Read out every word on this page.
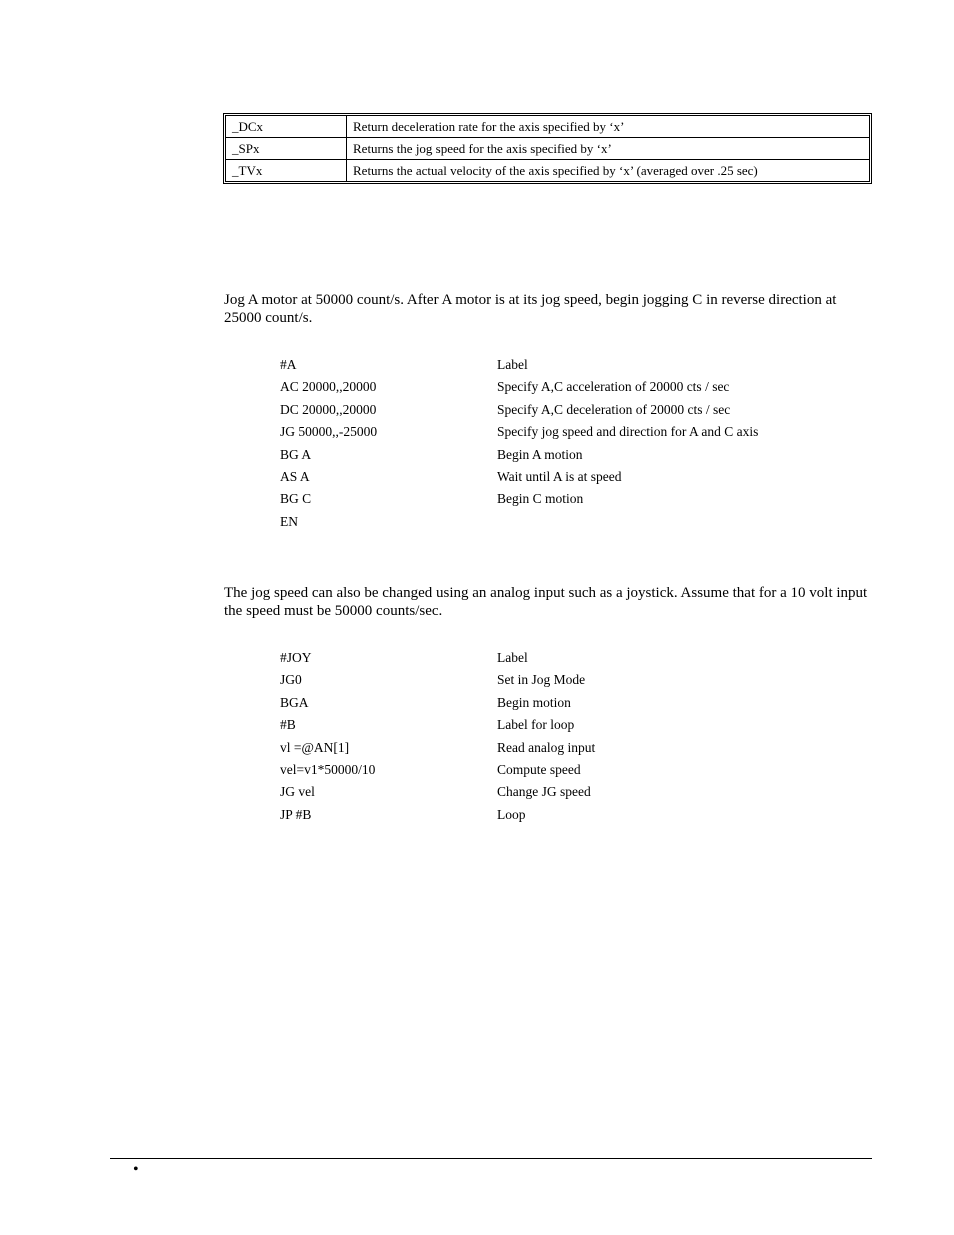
_DCx	Return deceleration rate for the axis specified by ‘x’
_SPx	Returns the jog speed for the axis specified by ‘x’
_TVx	Returns the actual velocity of the axis specified by ‘x’ (averaged over .25 sec)
Jog A motor at 50000 count/s. After A motor is at its jog speed, begin jogging C in reverse direction at 25000 count/s.
#A	Label
AC 20000,,20000	Specify A,C acceleration of 20000 cts / sec
DC 20000,,20000	Specify A,C deceleration of 20000 cts / sec
JG 50000,,-25000	Specify jog speed and direction for A and C axis
BG A	Begin A motion
AS A	Wait until A is at speed
BG C	Begin C motion
EN
The jog speed can also be changed using an analog input such as a joystick. Assume that for a 10 volt input the speed must be 50000 counts/sec.
#JOY	Label
JG0	Set in Jog Mode
BGA	Begin motion
#B	Label for loop
vl =@AN[1]	Read analog input
vel=v1*50000/10	Compute speed
JG vel	Change JG speed
JP #B	Loop
•
